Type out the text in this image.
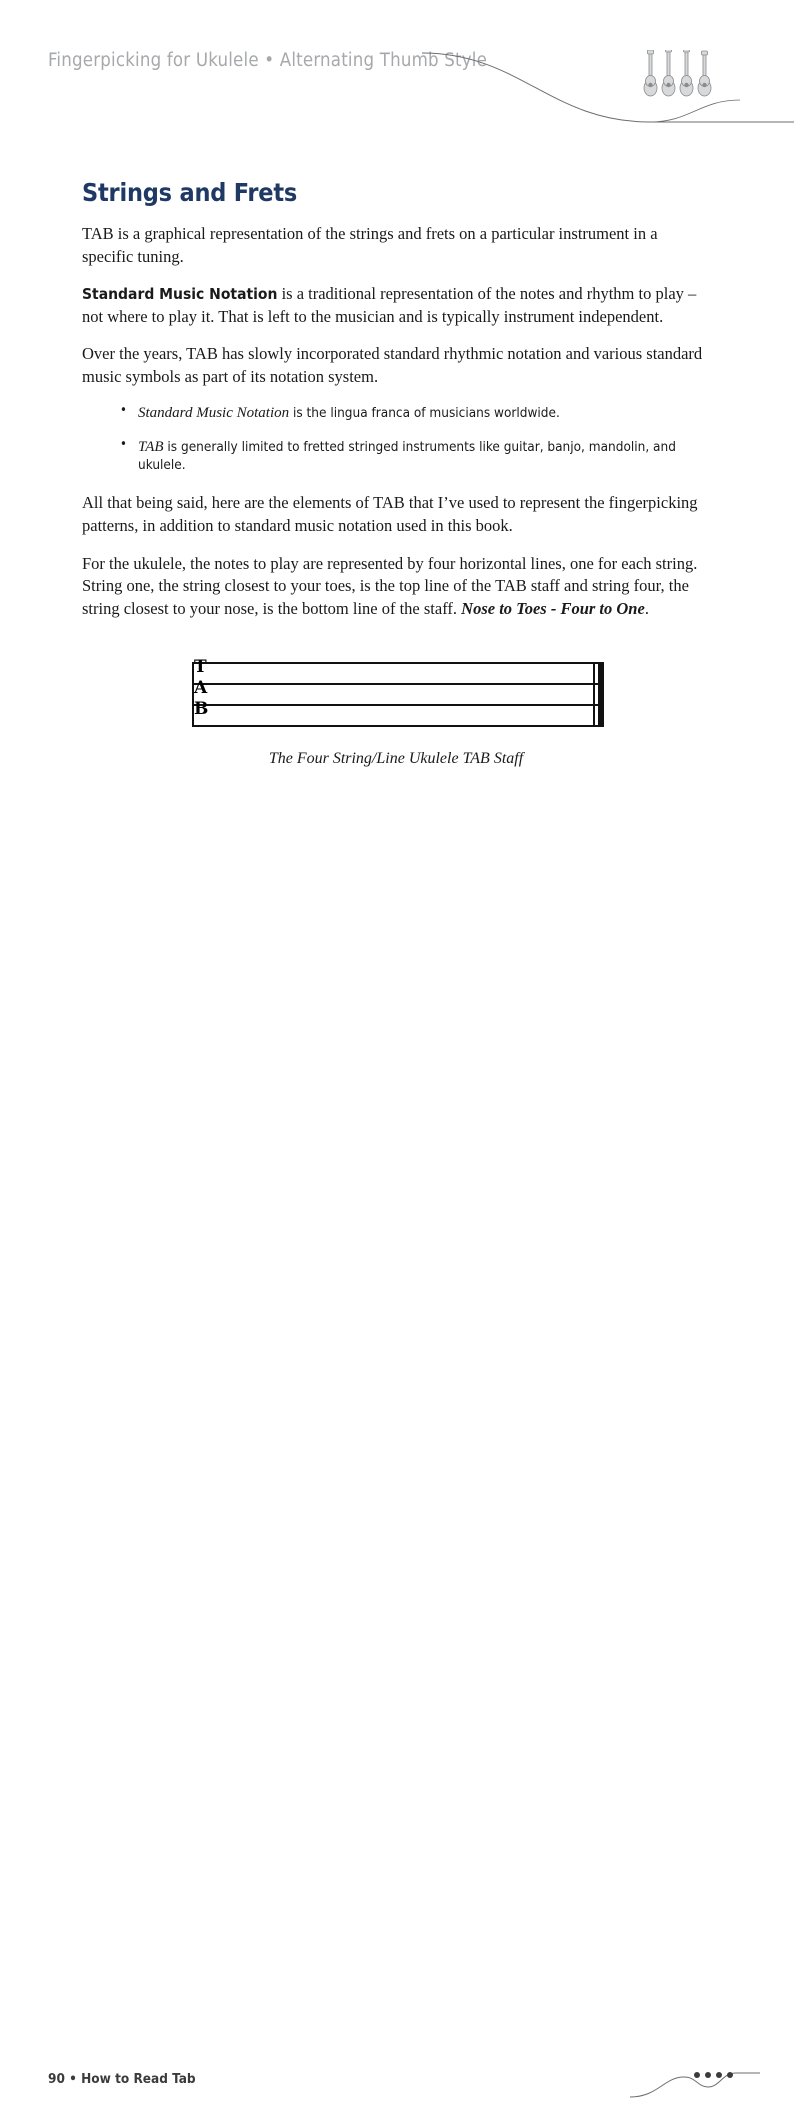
Fingerpicking for Ukulele • Alternating Thumb Style
Strings and Frets

TAB is a graphical representation of the strings and frets on a particular instrument in a specific tuning.

Standard Music Notation is a traditional representation of the notes and rhythm to play – not where to play it. That is left to the musician and is typically instrument independent.

Over the years, TAB has slowly incorporated standard rhythmic notation and various standard music symbols as part of its notation system.

• Standard Music Notation is the lingua franca of musicians worldwide.
• TAB is generally limited to fretted stringed instruments like guitar, banjo, mandolin, and ukulele.

All that being said, here are the elements of TAB that I’ve used to represent the fingerpicking patterns, in addition to standard music notation used in this book.

For the ukulele, the notes to play are represented by four horizontal lines, one for each string. String one, the string closest to your toes, is the top line of the TAB staff and string four, the string closest to your nose, is the bottom line of the staff. Nose to Toes - Four to One.

T
A
B
The Four String/Line Ukulele TAB Staff
90 • How to Read Tab
